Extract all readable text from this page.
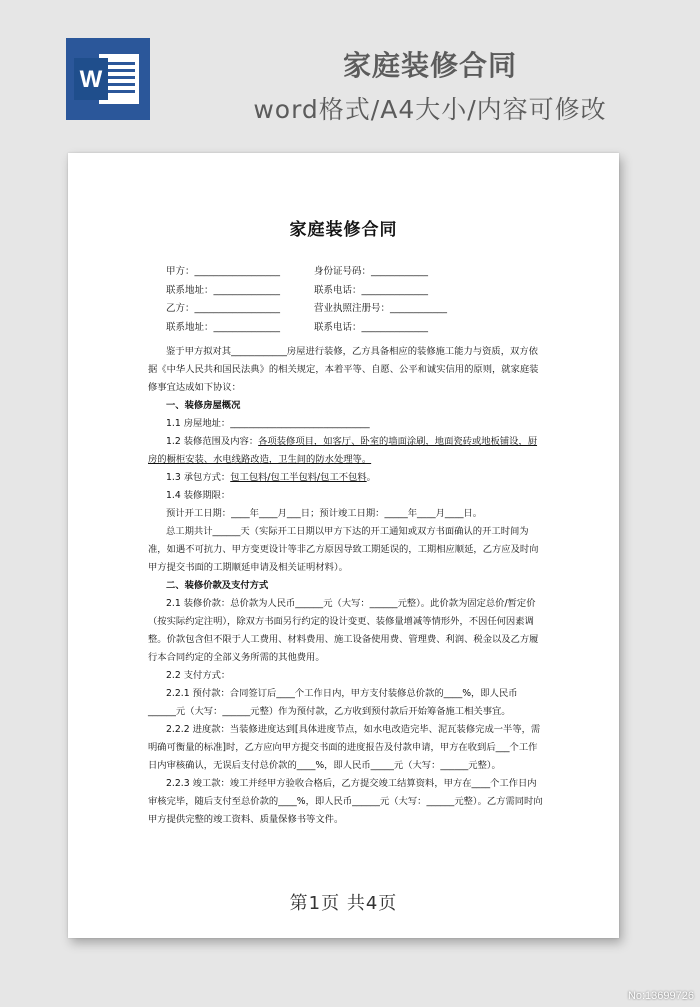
W	家庭装修合同
word格式/A4大小/内容可修改
家庭装修合同
甲方：__________________	身份证号码：____________
联系地址：______________	联系电话：______________
乙方：__________________	营业执照注册号：____________
联系地址：______________	联系电话：______________

鉴于甲方拟对其____________房屋进行装修，乙方具备相应的装修施工能力与资质，双方依据《中华人民共和国民法典》的相关规定，本着平等、自愿、公平和诚实信用的原则，就家庭装修事宜达成如下协议：

一、装修房屋概况

1.1 房屋地址：______________________________

1.2 装修范围及内容：各项装修项目，如客厅、卧室的墙面涂刷，地面瓷砖或地板铺设，厨房的橱柜安装、水电线路改造，卫生间的防水处理等。

1.3 承包方式：包工包料/包工半包料/包工不包料。

1.4 装修期限：

预计开工日期：____年____月___日；预计竣工日期：_____年____月____日。

总工期共计______天（实际开工日期以甲方下达的开工通知或双方书面确认的开工时间为准，如遇不可抗力、甲方变更设计等非乙方原因导致工期延误的，工期相应顺延，乙方应及时向甲方提交书面的工期顺延申请及相关证明材料）。

二、装修价款及支付方式

2.1 装修价款：总价款为人民币______元（大写：______元整）。此价款为固定总价/暂定价（按实际约定注明），除双方书面另行约定的设计变更、装修量增减等情形外，不因任何因素调整。价款包含但不限于人工费用、材料费用、施工设备使用费、管理费、利润、税金以及乙方履行本合同约定的全部义务所需的其他费用。

2.2 支付方式：

2.2.1 预付款：合同签订后____个工作日内，甲方支付装修总价款的____%，即人民币______元（大写：______元整）作为预付款，乙方收到预付款后开始筹备施工相关事宜。

2.2.2 进度款：当装修进度达到[具体进度节点，如水电改造完毕、泥瓦装修完成一半等，需明确可衡量的标准]时，乙方应向甲方提交书面的进度报告及付款申请，甲方在收到后___个工作日内审核确认，无误后支付总价款的____%，即人民币_____元（大写：______元整）。

2.2.3 竣工款：竣工并经甲方验收合格后，乙方提交竣工结算资料，甲方在____个工作日内审核完毕，随后支付至总价款的____%，即人民币______元（大写：______元整）。乙方需同时向甲方提供完整的竣工资料、质量保修书等文件。

第1页 共4页
No:13699726
